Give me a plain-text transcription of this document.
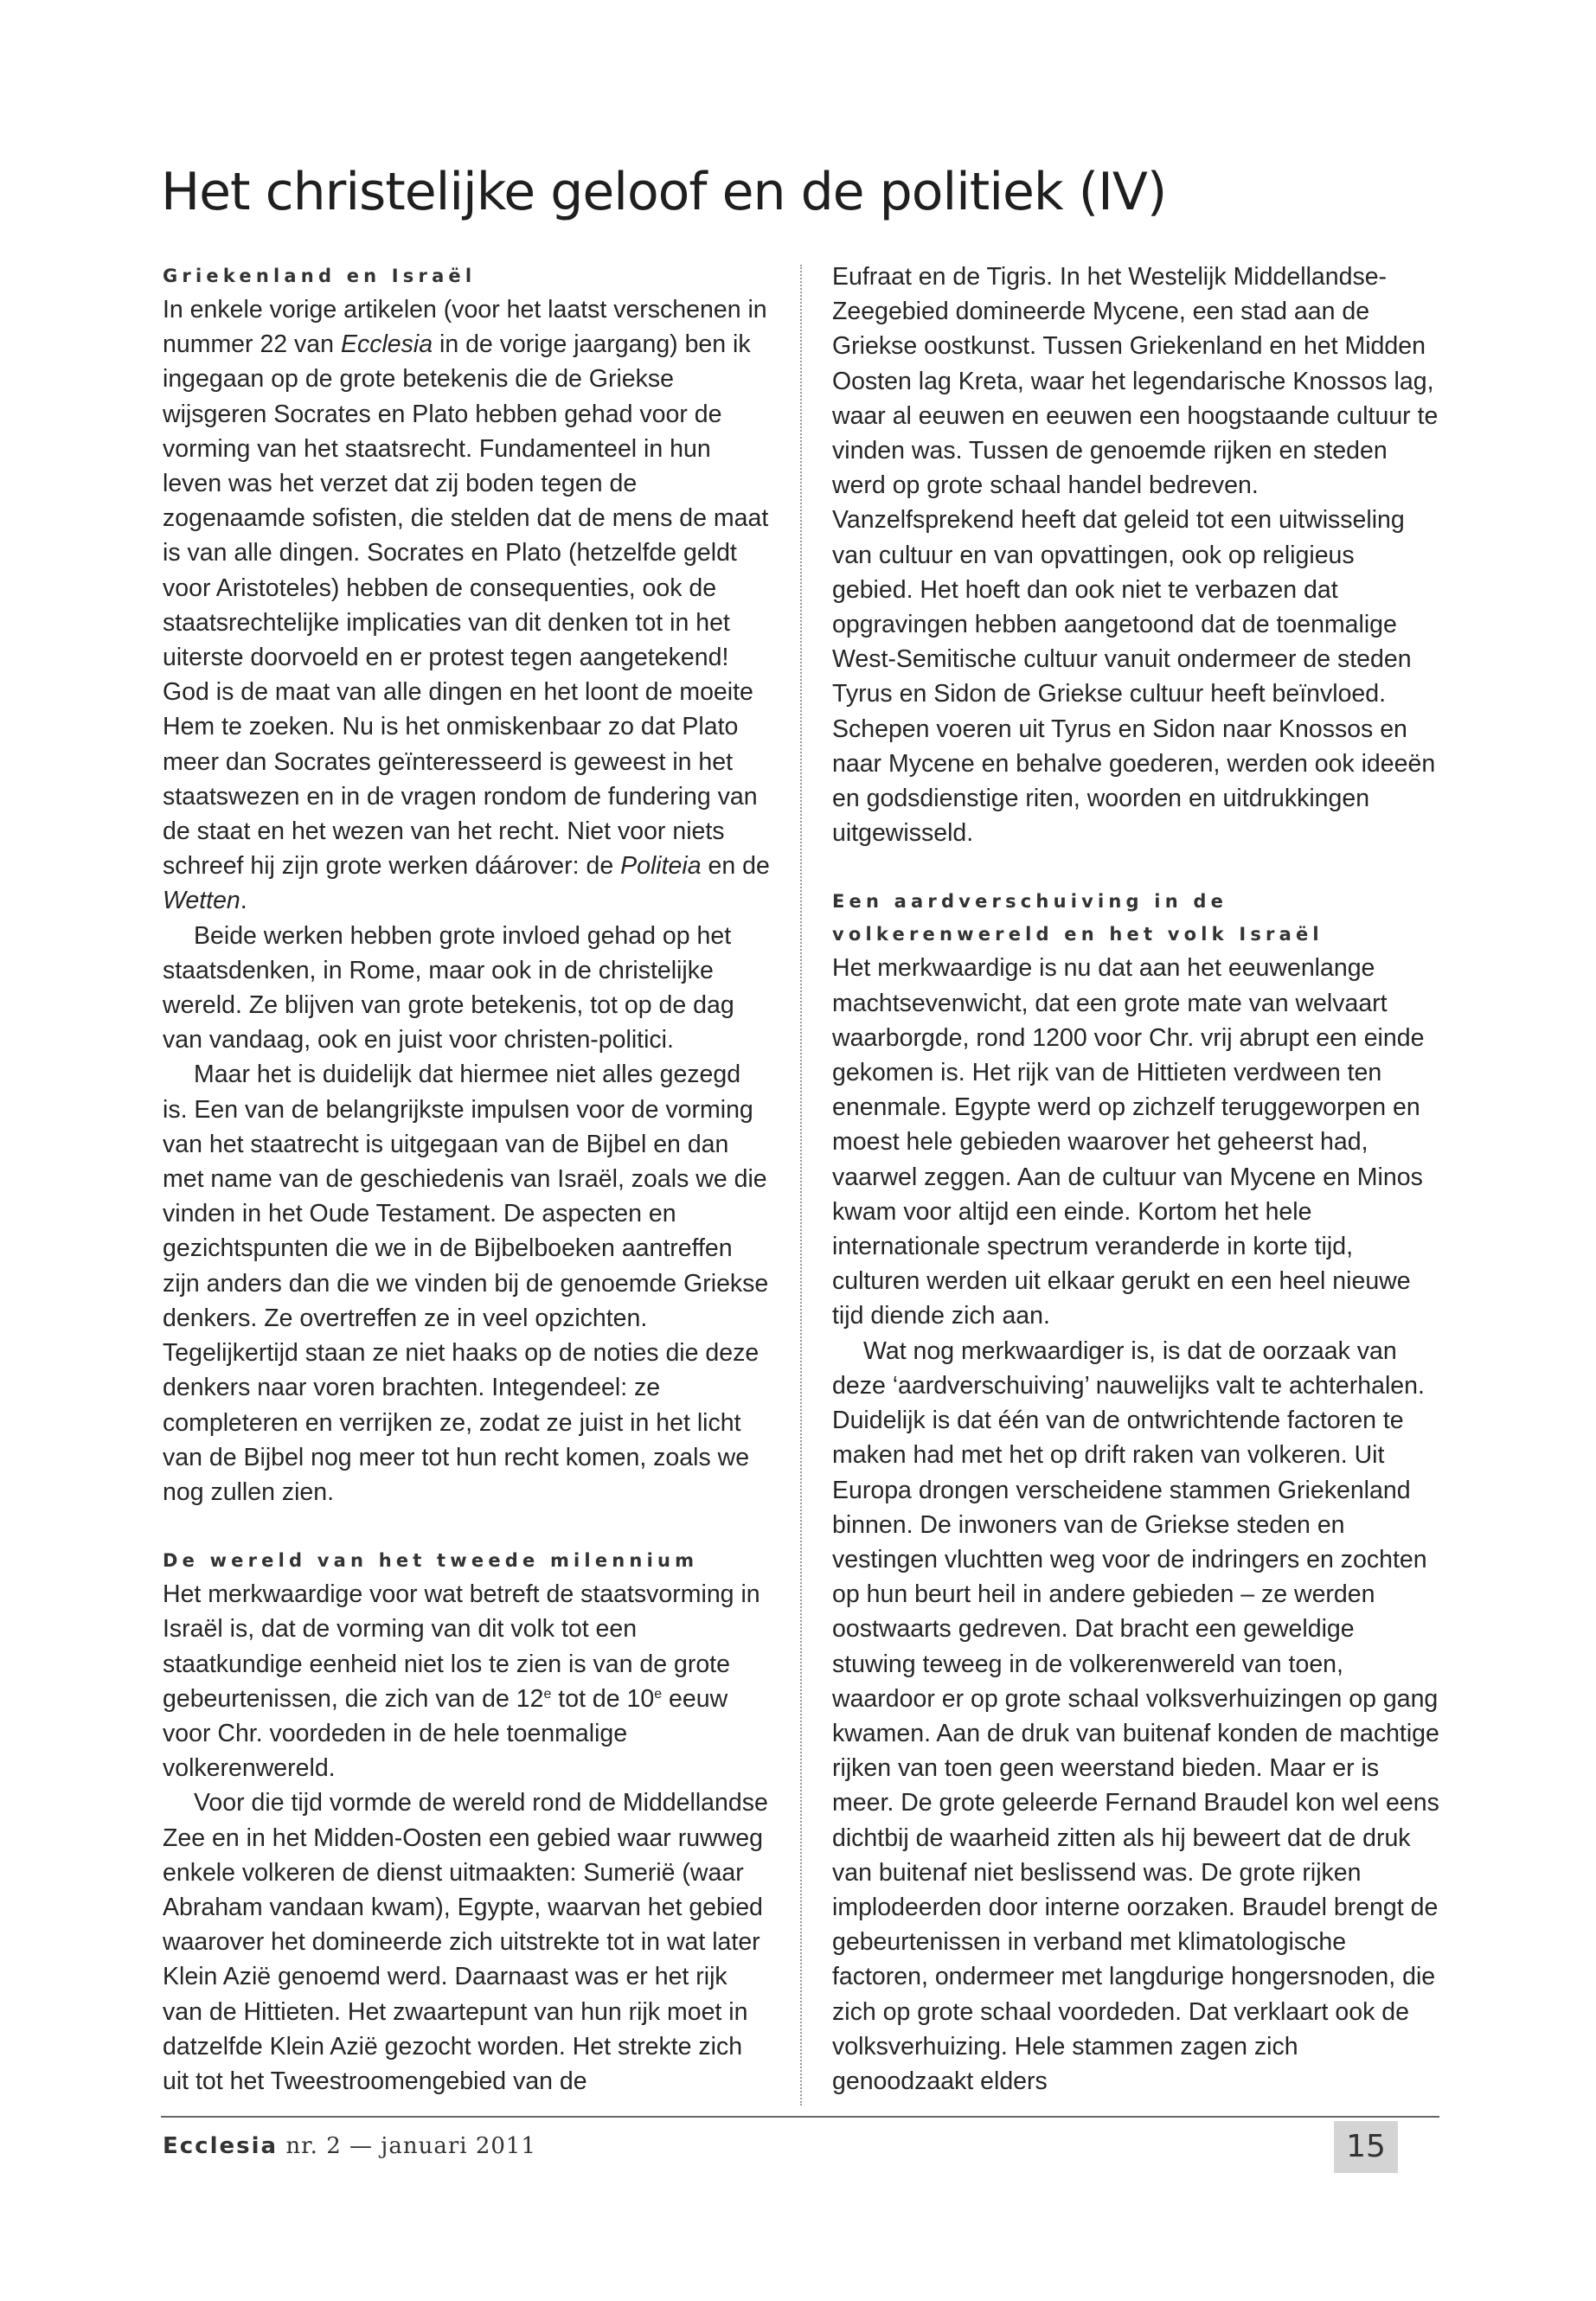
Het christelijke geloof en de politiek (IV)
Griekenland en Israël

In enkele vorige artikelen (voor het laatst verschenen in nummer 22 van Ecclesia in de vorige jaargang) ben ik ingegaan op de grote betekenis die de Griekse wijsgeren Socrates en Plato hebben gehad voor de vorming van het staatsrecht. Fundamenteel in hun leven was het verzet dat zij boden tegen de zogenaamde sofisten, die stelden dat de mens de maat is van alle dingen. Socrates en Plato (hetzelfde geldt voor Aristoteles) hebben de consequenties, ook de staatsrechtelijke implicaties van dit denken tot in het uiterste doorvoeld en er protest tegen aangetekend! God is de maat van alle dingen en het loont de moeite Hem te zoeken. Nu is het onmiskenbaar zo dat Plato meer dan Socrates geïnteresseerd is geweest in het staatswezen en in de vragen rondom de fundering van de staat en het wezen van het recht. Niet voor niets schreef hij zijn grote werken dáárover: de Politeia en de Wetten.

Beide werken hebben grote invloed gehad op het staatsdenken, in Rome, maar ook in de christelijke wereld. Ze blijven van grote betekenis, tot op de dag van vandaag, ook en juist voor christen-politici.

Maar het is duidelijk dat hiermee niet alles gezegd is. Een van de belangrijkste impulsen voor de vorming van het staatrecht is uitgegaan van de Bijbel en dan met name van de geschiedenis van Israël, zoals we die vinden in het Oude Testament. De aspecten en gezichtspunten die we in de Bijbelboeken aantreffen zijn anders dan die we vinden bij de genoemde Griekse denkers. Ze overtreffen ze in veel opzichten. Tegelijkertijd staan ze niet haaks op de noties die deze denkers naar voren brachten. Integendeel: ze completeren en verrijken ze, zodat ze juist in het licht van de Bijbel nog meer tot hun recht komen, zoals we nog zullen zien.

De wereld van het tweede milennium

Het merkwaardige voor wat betreft de staatsvorming in Israël is, dat de vorming van dit volk tot een staatkundige eenheid niet los te zien is van de grote gebeurtenissen, die zich van de 12e tot de 10e eeuw voor Chr. voordeden in de hele toenmalige volkerenwereld.

Voor die tijd vormde de wereld rond de Middellandse Zee en in het Midden-Oosten een gebied waar ruwweg enkele volkeren de dienst uitmaakten: Sumerië (waar Abraham vandaan kwam), Egypte, waarvan het gebied waarover het domineerde zich uitstrekte tot in wat later Klein Azië genoemd werd. Daarnaast was er het rijk van de Hittieten. Het zwaartepunt van hun rijk moet in datzelfde Klein Azië gezocht worden. Het strekte zich uit tot het Tweestroomengebied van de

Eufraat en de Tigris. In het Westelijk Middellandse-Zeegebied domineerde Mycene, een stad aan de Griekse oostkunst. Tussen Griekenland en het Midden Oosten lag Kreta, waar het legendarische Knossos lag, waar al eeuwen en eeuwen een hoogstaande cultuur te vinden was. Tussen de genoemde rijken en steden werd op grote schaal handel bedreven. Vanzelfsprekend heeft dat geleid tot een uitwisseling van cultuur en van opvattingen, ook op religieus gebied. Het hoeft dan ook niet te verbazen dat opgravingen hebben aangetoond dat de toenmalige West-Semitische cultuur vanuit ondermeer de steden Tyrus en Sidon de Griekse cultuur heeft beïnvloed. Schepen voeren uit Tyrus en Sidon naar Knossos en naar Mycene en behalve goederen, werden ook ideeën en godsdienstige riten, woorden en uitdrukkingen uitgewisseld.

Een aardverschuiving in de volkerenwereld en het volk Israël

Het merkwaardige is nu dat aan het eeuwenlange machtsevenwicht, dat een grote mate van welvaart waarborgde, rond 1200 voor Chr. vrij abrupt een einde gekomen is. Het rijk van de Hittieten verdween ten enenmale. Egypte werd op zichzelf teruggeworpen en moest hele gebieden waarover het geheerst had, vaarwel zeggen. Aan de cultuur van Mycene en Minos kwam voor altijd een einde. Kortom het hele internationale spectrum veranderde in korte tijd, culturen werden uit elkaar gerukt en een heel nieuwe tijd diende zich aan.

Wat nog merkwaardiger is, is dat de oorzaak van deze ‘aardverschuiving’ nauwelijks valt te achterhalen. Duidelijk is dat één van de ontwrichtende factoren te maken had met het op drift raken van volkeren. Uit Europa drongen verscheidene stammen Griekenland binnen. De inwoners van de Griekse steden en vestingen vluchtten weg voor de indringers en zochten op hun beurt heil in andere gebieden – ze werden oostwaarts gedreven. Dat bracht een geweldige stuwing teweeg in de volkerenwereld van toen, waardoor er op grote schaal volksverhuizingen op gang kwamen. Aan de druk van buitenaf konden de machtige rijken van toen geen weerstand bieden. Maar er is meer. De grote geleerde Fernand Braudel kon wel eens dichtbij de waarheid zitten als hij beweert dat de druk van buitenaf niet beslissend was. De grote rijken implodeerden door interne oorzaken. Braudel brengt de gebeurtenissen in verband met klimatologische factoren, ondermeer met langdurige hongersnoden, die zich op grote schaal voordeden. Dat verklaart ook de volksverhuizing. Hele stammen zagen zich genoodzaakt elders

Ecclesia nr. 2 — januari 2011	15
